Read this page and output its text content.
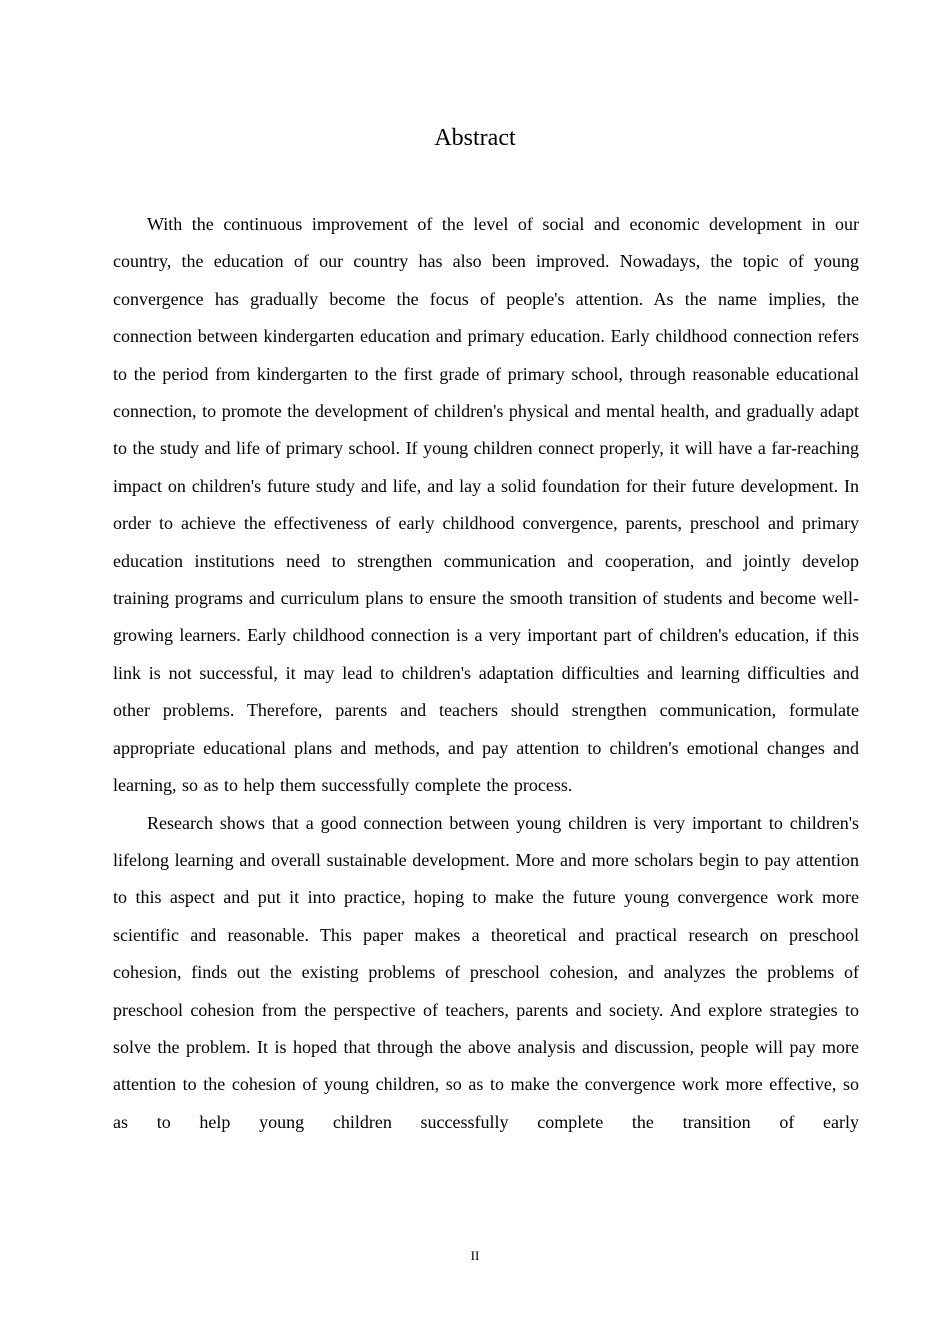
Abstract

With the continuous improvement of the level of social and economic development in our country, the education of our country has also been improved. Nowadays, the topic of young convergence has gradually become the focus of people's attention. As the name implies, the connection between kindergarten education and primary education. Early childhood connection refers to the period from kindergarten to the first grade of primary school, through reasonable educational connection, to promote the development of children's physical and mental health, and gradually adapt to the study and life of primary school. If young children connect properly, it will have a far-reaching impact on children's future study and life, and lay a solid foundation for their future development. In order to achieve the effectiveness of early childhood convergence, parents, preschool and primary education institutions need to strengthen communication and cooperation, and jointly develop training programs and curriculum plans to ensure the smooth transition of students and become well-growing learners. Early childhood connection is a very important part of children's education, if this link is not successful, it may lead to children's adaptation difficulties and learning difficulties and other problems. Therefore, parents and teachers should strengthen communication, formulate appropriate educational plans and methods, and pay attention to children's emotional changes and learning, so as to help them successfully complete the process.

Research shows that a good connection between young children is very important to children's lifelong learning and overall sustainable development. More and more scholars begin to pay attention to this aspect and put it into practice, hoping to make the future young convergence work more scientific and reasonable. This paper makes a theoretical and practical research on preschool cohesion, finds out the existing problems of preschool cohesion, and analyzes the problems of preschool cohesion from the perspective of teachers, parents and society. And explore strategies to solve the problem. It is hoped that through the above analysis and discussion, people will pay more attention to the cohesion of young children, so as to make the convergence work more effective, so as to help young children successfully complete the transition of early

II
